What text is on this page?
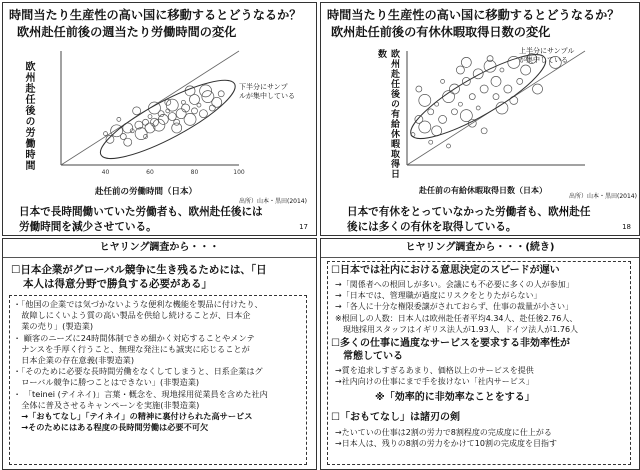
時間当たり生産性の高い国に移動するとどうなるか？
欧州赴任前後の週当たり労働時間の変化
欧州赴任後の労働時間
40	60	80	100
下半分にサンプ
ルが集中している
赴任前の労働時間（日本）
出所）山本・黒田(2014)
日本で長時間働いていた労働者も、欧州赴任後には
労働時間を減少させている。	17
時間当たり生産性の高い国に移動するとどうなるか？
欧州赴任前後の有休休暇取得日数の変化
欧州赴任後の有給休暇取得日数	上半分にサンプル
が集中している
赴任前の有給休暇取得日数（日本）
出所）山本・黒田(2014)
日本で有休をとっていなかった労働者も、欧州赴任
後には多くの有休を取得している。	18
ヒヤリング調査から・・・
☐日本企業がグローバル競争に生き残るためには、「日
本人は得意分野で勝負する必要がある」
・「他国の企業では気づかないような便利な機能を製品に付けたり、
　故障しにくいよう質の高い製品を供給し続けることが、日本企
　業の売り」(製造業)
・ 顧客のニーズに24時間体制できめ細かく対応することやメンテ
　ナンスを手厚く行うこと、無理な発注にも誠実に応じることが
　日本企業の存在意義(非製造業)
・「そのために必要な長時間労働をなくしてしまうと、日系企業はグ
　ローバル競争に勝つことはできない」(非製造業)
・ 「teinei (テイネイ)」言葉・概念を、現地採用従業員を含めた社内
　全体に普及させるキャンペーンを実施(非製造業)
　→「おもてなし」「テイネイ」の精神に裏付けられた高サービス
　→そのためにはある程度の長時間労働は必要不可欠
ヒヤリング調査から・・・(続き)
☐日本では社内における意思決定のスピードが遅い
→「関係者への根回しが多い。会議にも不必要に多くの人が参加」
→「日本では、管理職が過度にリスクをとりたがらない」
→「各人に十分な権限委譲がされておらず、仕事の裁量が小さい」
※根回しの人数：日本人は欧州赴任者平均4.34人、赴任後2.76人、
　現地採用スタッフはイギリス法人が1.93人、ドイツ法人が1.76人
☐多くの仕事に過度なサービスを要求する非効率性が
常態している
→質を追求しすぎるあまり、価格以上のサービスを提供
→社内向けの仕事にまで手を抜けない「社内サービス」
※「効率的に非効率なことをする」
☐「おもてなし」は諸刃の剣
→たいていの仕事は2割の労力で8割程度の完成度に仕上がる
→日本人は、残りの8割の労力をかけて10割の完成度を目指す
